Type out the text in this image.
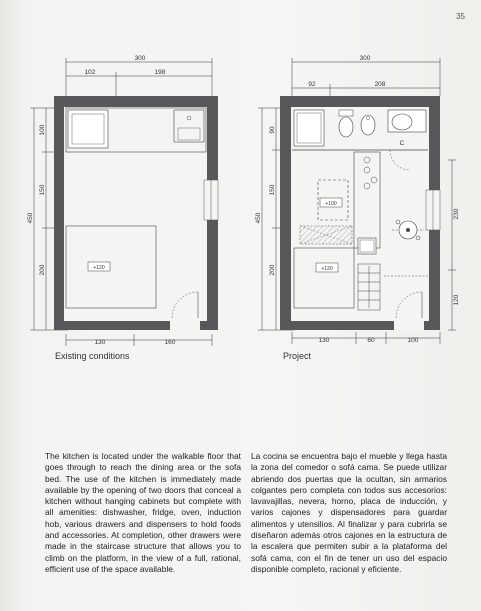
35
300
102	198
450
100
150
200
130	160
+120
300
92	208
450
90
150
200
230
120
130	60	100
C
+100
+120
Existing conditions	Project
The kitchen is located under the walkable floor that goes through to reach the dining area or the sofa bed. The use of the kitchen is immediately made available by the opening of two doors that conceal a kitchen without hanging cabinets but complete with all amenities: dishwasher, fridge, oven, induction hob, various drawers and dispensers to hold foods and accessories. At completion, other drawers were made in the staircase structure that allows you to climb on the platform, in the view of a full, rational, efficient use of the space available.
La cocina se encuentra bajo el mueble y llega hasta la zona del comedor o sofá cama. Se puede utilizar abriendo dos puertas que la ocultan, sin armarios colgantes pero completa con todos sus accesorios: lavavajillas, nevera, horno, placa de inducción, y varios cajones y dispensadores para guardar alimentos y utensilios. Al finalizar y para cubrirla se diseñaron además otros cajones en la estructura de la escalera que permiten subir a la plataforma del sofá cama, con el fin de tener un uso del espacio disponible completo, racional y eficiente.
